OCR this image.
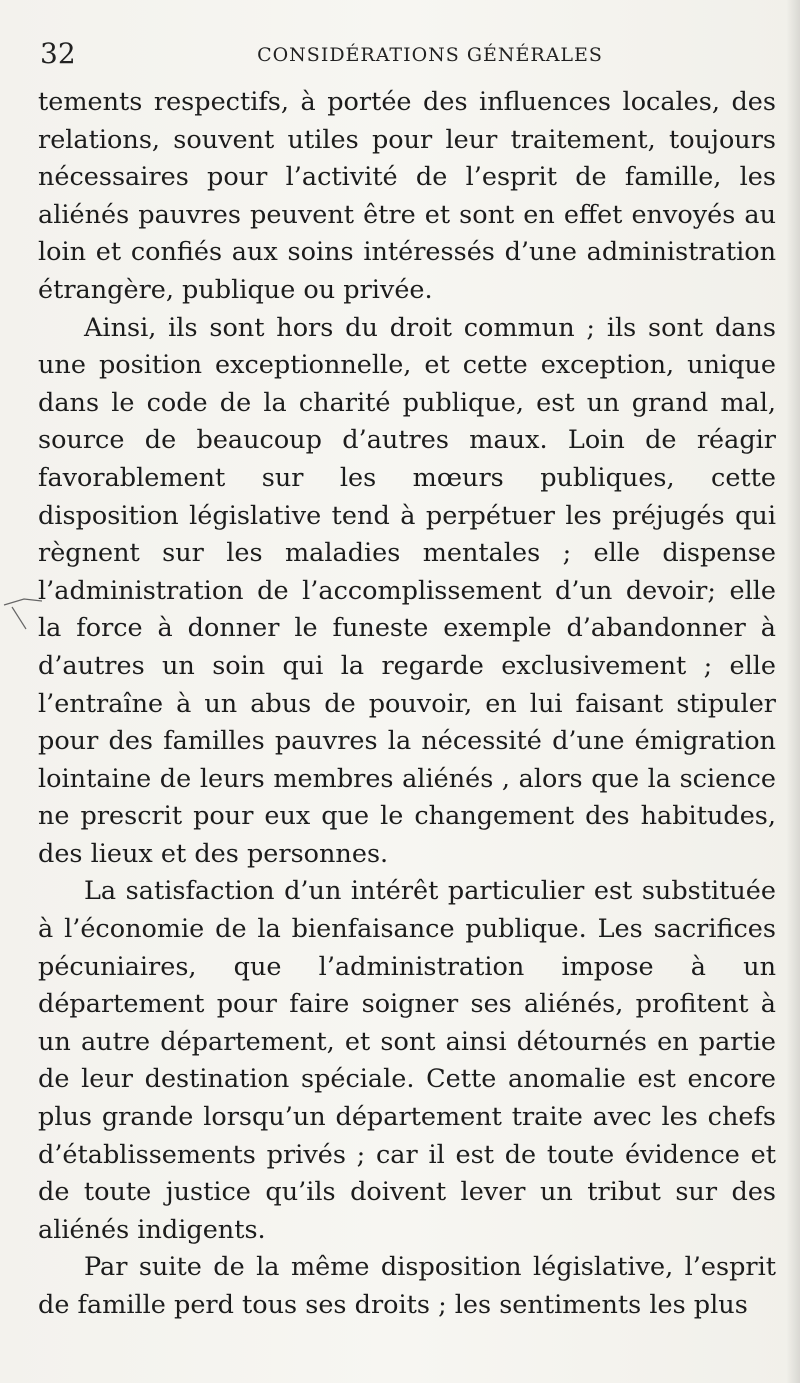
32	CONSIDÉRATIONS GÉNÉRALES

tements respectifs, à portée des influences locales, des relations, souvent utiles pour leur traitement, toujours nécessaires pour l’activité de l’esprit de famille, les aliénés pauvres peuvent être et sont en effet envoyés au loin et confiés aux soins intéressés d’une administration étrangère, publique ou privée.

Ainsi, ils sont hors du droit commun ; ils sont dans une position exceptionnelle, et cette exception, unique dans le code de la charité publique, est un grand mal, source de beaucoup d’autres maux. Loin de réagir favorablement sur les mœurs publiques, cette disposition législative tend à perpétuer les préjugés qui règnent sur les maladies mentales ; elle dispense l’administration de l’accomplissement d’un devoir; elle la force à donner le funeste exemple d’abandonner à d’autres un soin qui la regarde exclusivement ; elle l’entraîne à un abus de pouvoir, en lui faisant stipuler pour des familles pauvres la nécessité d’une émigration lointaine de leurs membres aliénés , alors que la science ne prescrit pour eux que le changement des habitudes, des lieux et des personnes.

La satisfaction d’un intérêt particulier est substituée à l’économie de la bienfaisance publique. Les sacrifices pécuniaires, que l’administration impose à un département pour faire soigner ses aliénés, profitent à un autre département, et sont ainsi détournés en partie de leur destination spéciale. Cette anomalie est encore plus grande lorsqu’un département traite avec les chefs d’établissements privés ; car il est de toute évidence et de toute justice qu’ils doivent lever un tribut sur des aliénés indigents.

Par suite de la même disposition législative, l’esprit de famille perd tous ses droits ; les sentiments les plus
